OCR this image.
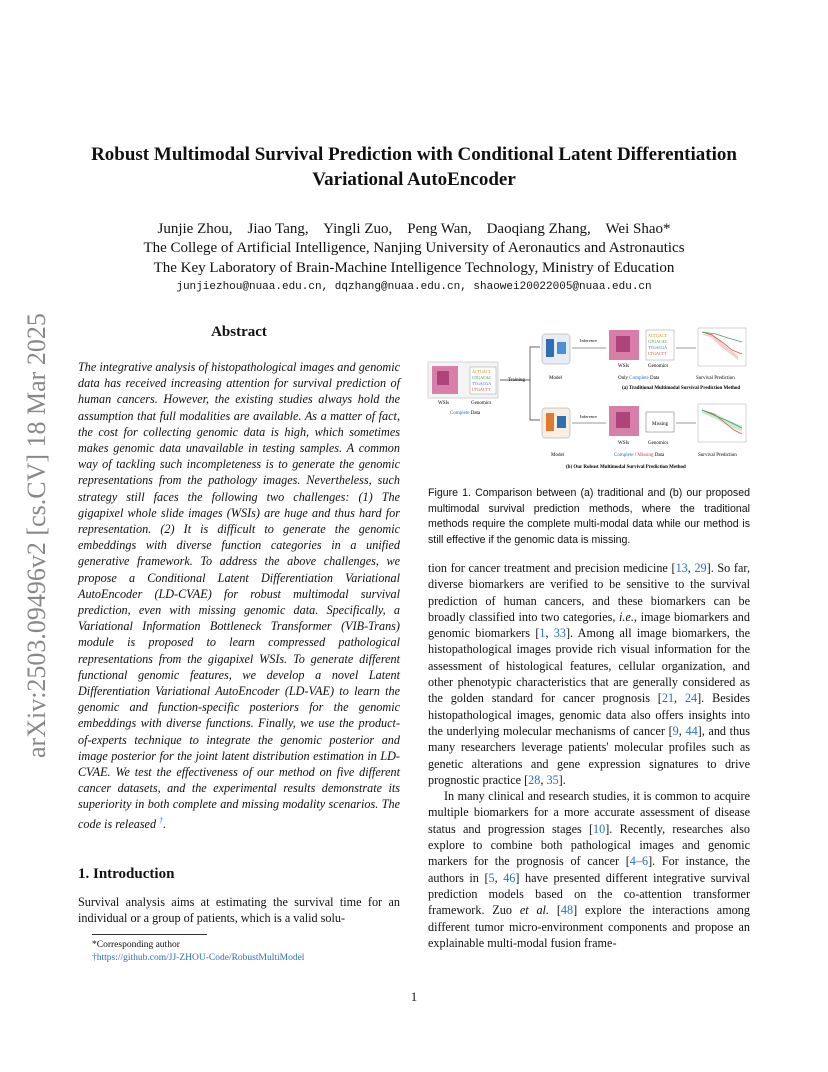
arXiv:2503.09496v2 [cs.CV] 18 Mar 2025
Robust Multimodal Survival Prediction with Conditional Latent Differentiation
Variational AutoEncoder
Junjie Zhou,    Jiao Tang,    Yingli Zuo,    Peng Wan,    Daoqiang Zhang,    Wei Shao*
The College of Artificial Intelligence, Nanjing University of Aeronautics and Astronautics
The Key Laboratory of Brain-Machine Intelligence Technology, Ministry of Education
junjiezhou@nuaa.edu.cn, dqzhang@nuaa.edu.cn, shaowei20022005@nuaa.edu.cn
Abstract
The integrative analysis of histopathological images and genomic data has received increasing attention for survival prediction of human cancers. However, the existing studies always hold the assumption that full modalities are available. As a matter of fact, the cost for collecting genomic data is high, which sometimes makes genomic data unavailable in testing samples. A common way of tackling such incompleteness is to generate the genomic representations from the pathology images. Nevertheless, such strategy still faces the following two challenges: (1) The gigapixel whole slide images (WSIs) are huge and thus hard for representation. (2) It is difficult to generate the genomic embeddings with diverse function categories in a unified generative framework. To address the above challenges, we propose a Conditional Latent Differentiation Variational AutoEncoder (LD-CVAE) for robust multimodal survival prediction, even with missing genomic data. Specifically, a Variational Information Bottleneck Transformer (VIB-Trans) module is proposed to learn compressed pathological representations from the gigapixel WSIs. To generate different functional genomic features, we develop a novel Latent Differentiation Variational AutoEncoder (LD-VAE) to learn the genomic and function-specific posteriors for the genomic embeddings with diverse functions. Finally, we use the product-of-experts technique to integrate the genomic posterior and image posterior for the joint latent distribution estimation in LD-CVAE. We test the effectiveness of our method on five different cancer datasets, and the experimental results demonstrate its superiority in both complete and missing modality scenarios. The code is released †.
1. Introduction
Survival analysis aims at estimating the survival time for an individual or a group of patients, which is a valid solu-
*Corresponding author
†https://github.com/JJ-ZHOU-Code/RobustMultiModel
ACTGACT
GTGACAC
TTGACGA
CTGACTT
WSIs	Genomics
Complete Data
Training	Model
Inference
ACTGACT
GTGACAC
TTGACGA
CTGACTT
WSIs	Genomics
Only Complete Data	Survival Prediction
(a) Traditional Multimodal Survival Prediction Method
Model
Inference
Missing
WSIs	Genomics
Complete / Missing Data	Survival Prediction
(b) Our Robust Multimodal Survival Prediction Method
Figure 1. Comparison between (a) traditional and (b) our proposed multimodal survival prediction methods, where the traditional methods require the complete multi-modal data while our method is still effective if the genomic data is missing.

tion for cancer treatment and precision medicine [13, 29]. So far, diverse biomarkers are verified to be sensitive to the survival prediction of human cancers, and these biomarkers can be broadly classified into two categories, i.e., image biomarkers and genomic biomarkers [1, 33]. Among all image biomarkers, the histopathological images provide rich visual information for the assessment of histological features, cellular organization, and other phenotypic characteristics that are generally considered as the golden standard for cancer prognosis [21, 24]. Besides histopathological images, genomic data also offers insights into the underlying molecular mechanisms of cancer [9, 44], and thus many researchers leverage patients' molecular profiles such as genetic alterations and gene expression signatures to drive prognostic practice [28, 35].

In many clinical and research studies, it is common to acquire multiple biomarkers for a more accurate assessment of disease status and progression stages [10]. Recently, researches also explore to combine both pathological images and genomic markers for the prognosis of cancer [4–6]. For instance, the authors in [5, 46] have presented different integrative survival prediction models based on the co-attention transformer framework. Zuo et al. [48] explore the interactions among different tumor micro-environment components and propose an explainable multi-modal fusion frame-

1
